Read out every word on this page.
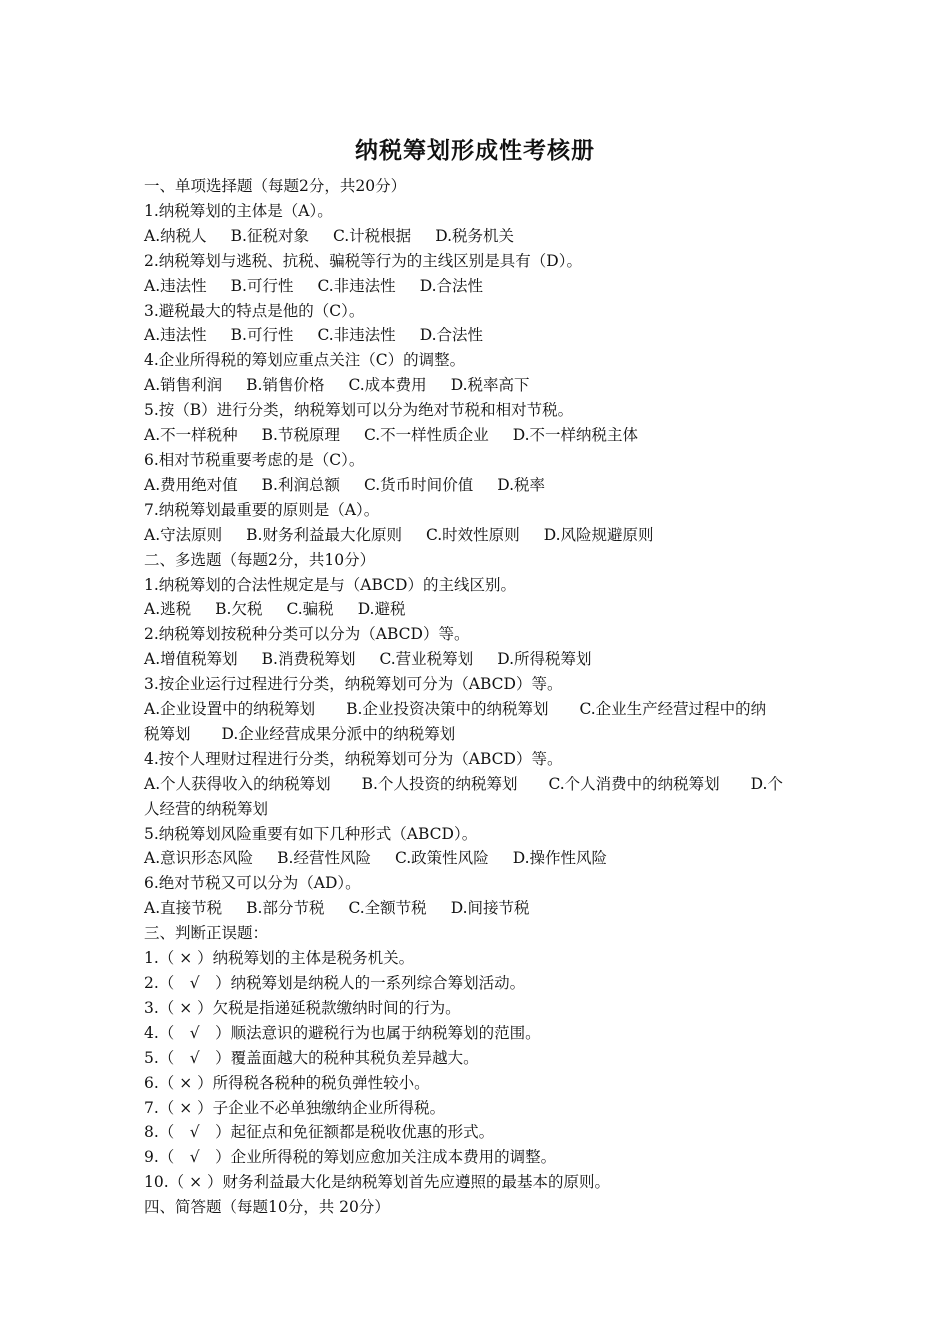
纳税筹划形成性考核册
一、单项选择题（每题2分，共20分）
1.纳税筹划的主体是（A）。
A.纳税人 B.征税对象 C.计税根据 D.税务机关
2.纳税筹划与逃税、抗税、骗税等行为的主线区别是具有（D）。
A.违法性 B.可行性 C.非违法性 D.合法性
3.避税最大的特点是他的（C）。
A.违法性 B.可行性 C.非违法性 D.合法性
4.企业所得税的筹划应重点关注（C）的调整。
A.销售利润 B.销售价格 C.成本费用 D.税率高下
5.按（B）进行分类，纳税筹划可以分为绝对节税和相对节税。
A.不一样税种 B.节税原理 C.不一样性质企业 D.不一样纳税主体
6.相对节税重要考虑的是（C）。
A.费用绝对值 B.利润总额 C.货币时间价值 D.税率
7.纳税筹划最重要的原则是（A）。
A.守法原则 B.财务利益最大化原则 C.时效性原则 D.风险规避原则
二、多选题（每题2分，共10分）
1.纳税筹划的合法性规定是与（ABCD）的主线区别。
A.逃税 B.欠税 C.骗税 D.避税
2.纳税筹划按税种分类可以分为（ABCD）等。
A.增值税筹划 B.消费税筹划 C.营业税筹划 D.所得税筹划
3.按企业运行过程进行分类，纳税筹划可分为（ABCD）等。
A.企业设置中的纳税筹划　　B.企业投资决策中的纳税筹划　　C.企业生产经营过程中的纳
税筹划　　D.企业经营成果分派中的纳税筹划
4.按个人理财过程进行分类，纳税筹划可分为（ABCD）等。
A.个人获得收入的纳税筹划　　B.个人投资的纳税筹划　　C.个人消费中的纳税筹划　　D.个
人经营的纳税筹划
5.纳税筹划风险重要有如下几种形式（ABCD）。
A.意识形态风险 B.经营性风险 C.政策性风险 D.操作性风险
6.绝对节税又可以分为（AD）。
A.直接节税 B.部分节税 C.全额节税 D.间接节税
三、判断正误题：
1.（ × ）纳税筹划的主体是税务机关。
2.（　√　）纳税筹划是纳税人的一系列综合筹划活动。
3.（ × ）欠税是指递延税款缴纳时间的行为。
4.（　√　）顺法意识的避税行为也属于纳税筹划的范围。
5.（　√　）覆盖面越大的税种其税负差异越大。
6.（ × ）所得税各税种的税负弹性较小。
7.（ × ）子企业不必单独缴纳企业所得税。
8.（　√　）起征点和免征额都是税收优惠的形式。
9.（　√　）企业所得税的筹划应愈加关注成本费用的调整。
10.（ × ）财务利益最大化是纳税筹划首先应遵照的最基本的原则。
四、简答题（每题10分，共 20分）
